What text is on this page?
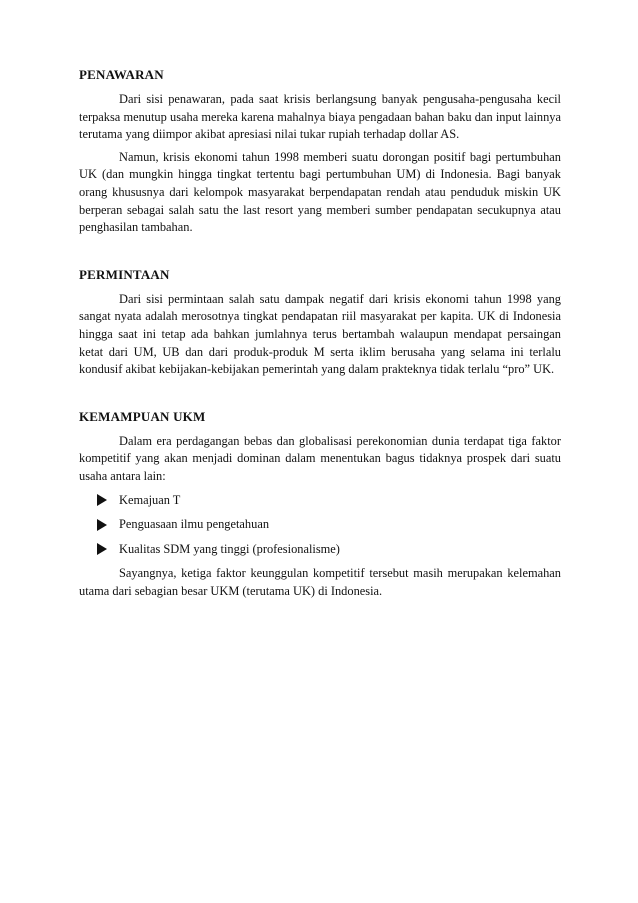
PENAWARAN

Dari sisi penawaran, pada saat krisis berlangsung banyak pengusaha-pengusaha kecil terpaksa menutup usaha mereka karena mahalnya biaya pengadaan bahan baku dan input lainnya terutama yang diimpor akibat apresiasi nilai tukar rupiah terhadap dollar AS.

Namun, krisis ekonomi tahun 1998 memberi suatu dorongan positif bagi pertumbuhan UK (dan mungkin hingga tingkat tertentu bagi pertumbuhan UM) di Indonesia. Bagi banyak orang khususnya dari kelompok masyarakat berpendapatan rendah atau penduduk miskin UK berperan sebagai salah satu the last resort yang memberi sumber pendapatan secukupnya atau penghasilan tambahan.

PERMINTAAN

Dari sisi permintaan salah satu dampak negatif dari krisis ekonomi tahun 1998 yang sangat nyata adalah merosotnya tingkat pendapatan riil masyarakat per kapita. UK di Indonesia hingga saat ini tetap ada bahkan jumlahnya terus bertambah walaupun mendapat persaingan ketat dari UM, UB dan dari produk-produk M serta iklim berusaha yang selama ini terlalu kondusif akibat kebijakan-kebijakan pemerintah yang dalam prakteknya tidak terlalu “pro” UK.

KEMAMPUAN UKM

Dalam era perdagangan bebas dan globalisasi perekonomian dunia terdapat tiga faktor kompetitif yang akan menjadi dominan dalam menentukan bagus tidaknya prospek dari suatu usaha antara lain:

Kemajuan T
Penguasaan ilmu pengetahuan
Kualitas SDM yang tinggi (profesionalisme)

Sayangnya, ketiga faktor keunggulan kompetitif tersebut masih merupakan kelemahan utama dari sebagian besar UKM (terutama UK) di Indonesia.
